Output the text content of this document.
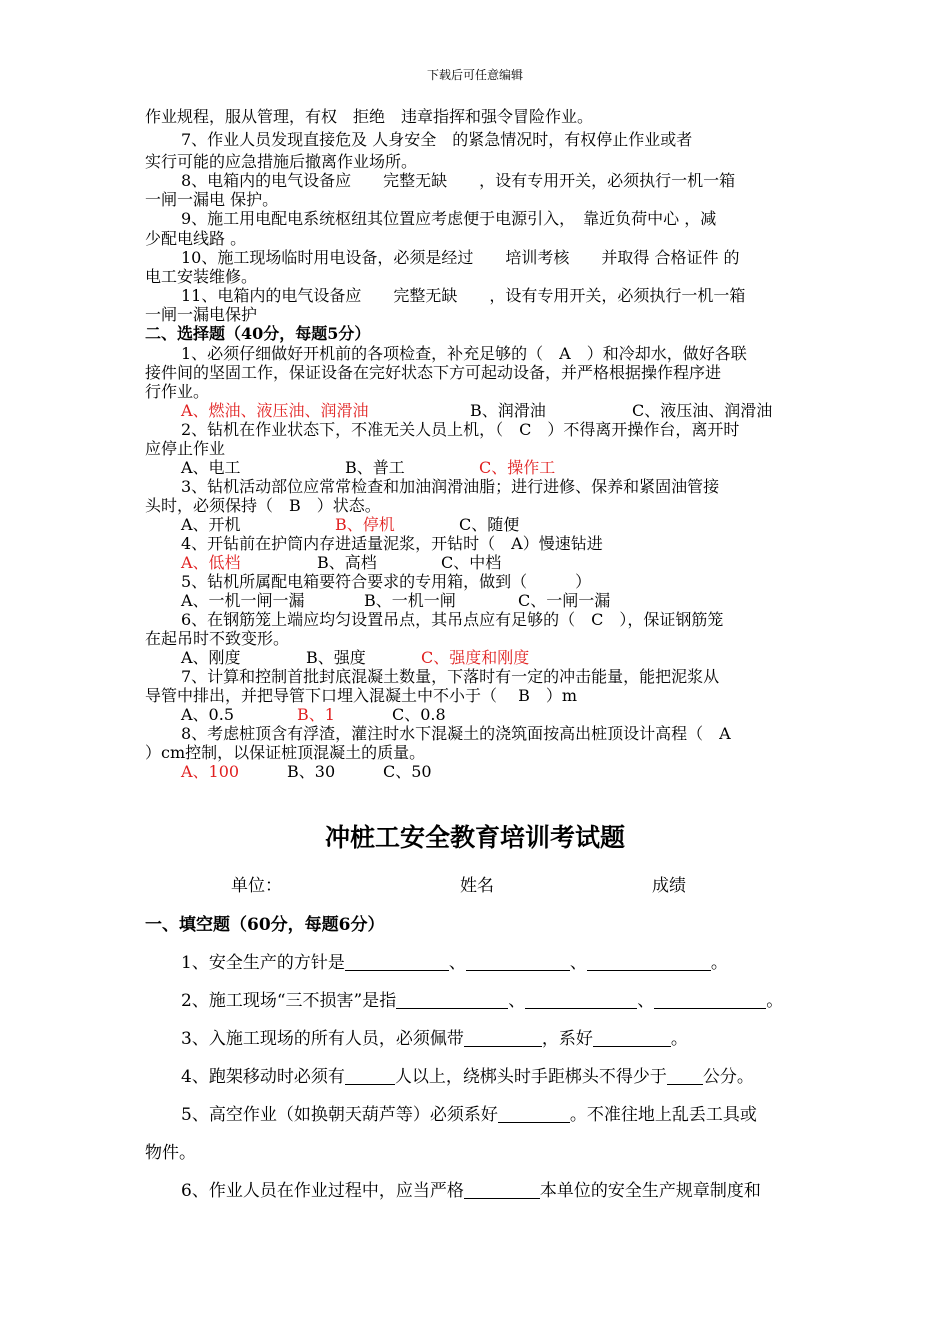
下载后可任意编辑
作业规程，服从管理，有权　拒绝　违章指挥和强令冒险作业。
7、作业人员发现直接危及 人身安全　的紧急情况时，有权停止作业或者
实行可能的应急措施后撤离作业场所。
8、电箱内的电气设备应　　完整无缺　　，设有专用开关，必须执行一机一箱
一闸一漏电 保护。
9、施工用电配电系统枢纽其位置应考虑便于电源引入，　靠近负荷中心 ，减
少配电线路 。
10、施工现场临时用电设备，必须是经过　　培训考核　　并取得 合格证件 的
电工安装维修。
11、电箱内的电气设备应　　完整无缺　　，设有专用开关，必须执行一机一箱
一闸一漏电保护
二、选择题（40分，每题5分）
1、必须仔细做好开机前的各项检查，补充足够的（　A　）和冷却水，做好各联
接件间的坚固工作，保证设备在完好状态下方可起动设备，并严格根据操作程序进
行作业。
A、燃油、液压油、润滑油	B、润滑油	C、液压油、润滑油
2、钻机在作业状态下，不准无关人员上机，（　C　）不得离开操作台，离开时
应停止作业
A、电工	B、普工	C、操作工
3、钻机活动部位应常常检查和加油润滑油脂；进行进修、保养和紧固油管接
头时，必须保持（　B　）状态。
A、开机	B、停机	C、随便
4、开钻前在护筒内存进适量泥浆，开钻时（　A）慢速钻进
A、低档	B、高档	C、中档
5、钻机所属配电箱要符合要求的专用箱，做到（　　　）
A、一机一闸一漏	B、一机一闸	C、一闸一漏
6、在钢筋笼上端应均匀设置吊点，其吊点应有足够的（　C　），保证钢筋笼
在起吊时不致变形。
A、刚度	B、强度	C、强度和刚度
7、计算和控制首批封底混凝土数量，下落时有一定的冲击能量，能把泥浆从
导管中排出，并把导管下口埋入混凝土中不小于（　 B　）m
A、0.5	B、1	C、0.8
8、考虑桩顶含有浮渣，灌注时水下混凝土的浇筑面按高出桩顶设计高程（　A
）cm控制，以保证桩顶混凝土的质量。
A、100	B、30	C、50
冲桩工安全教育培训考试题
单位：	姓名	成绩
一、填空题（60分，每题6分）
1、安全生产的方针是	、	、	。
2、施工现场“三不损害”是指	、	、	。
3、入施工现场的所有人员，必须佩带	，系好	。
4、跑架移动时必须有	人以上，绕梆头时手距梆头不得少于 公分。
5、高空作业（如换朝天葫芦等）必须系好	。不准往地上乱丢工具或
物件。
6、作业人员在作业过程中，应当严格	本单位的安全生产规章制度和
